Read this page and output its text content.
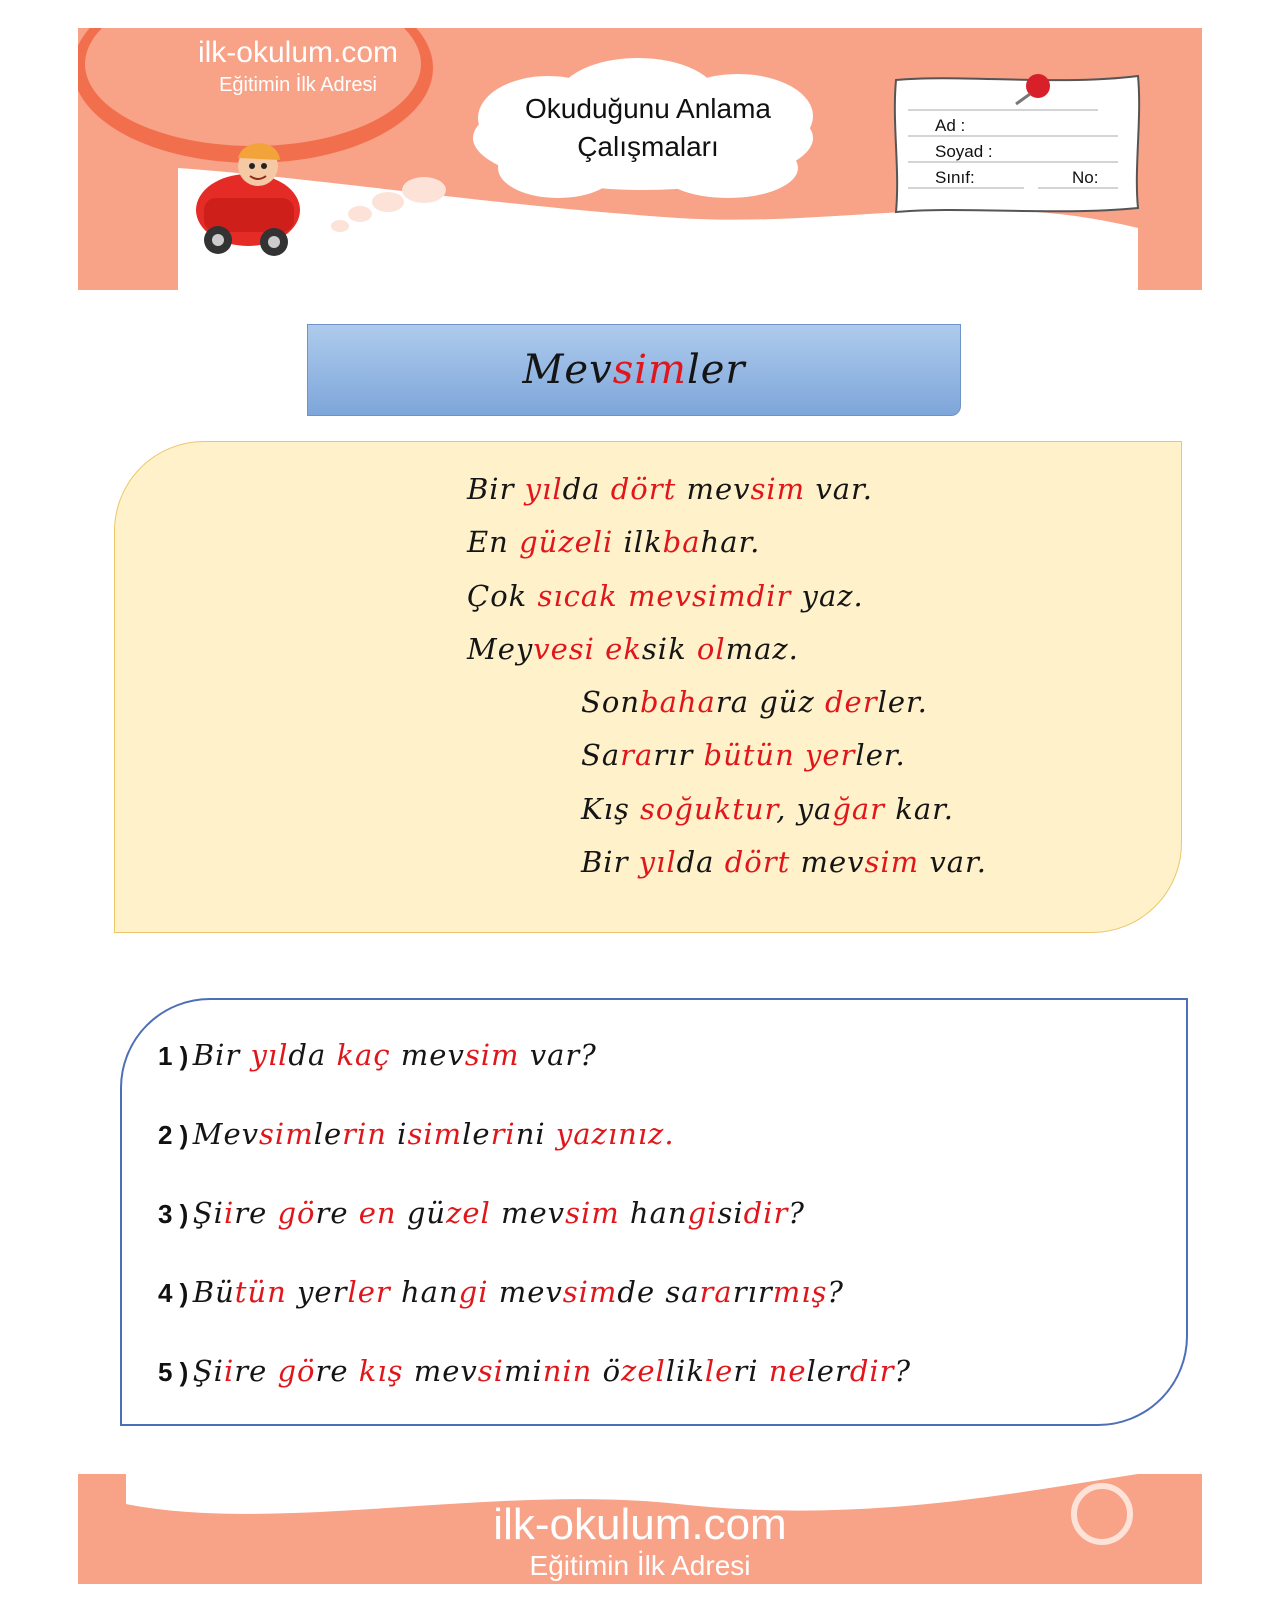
ilk-okulum.com
Eğitimin İlk Adresi
Okuduğunu Anlama
Çalışmaları
Ad :
Soyad :
Sınıf:	No:
Mevsimler
Bir yılda dört mevsim var.
En güzeli ilkbahar.
Çok sıcak mevsimdir yaz.
Meyvesi eksik olmaz.
Sonbahara güz derler.
Sararır bütün yerler.
Kış soğuktur, yağar kar.
Bir yılda dört mevsim var.
1 ) Bir yılda kaç mevsim var?
2 ) Mevsimlerin isimlerini yazınız.
3 ) Şiire göre en güzel mevsim hangisidir?
4 ) Bütün yerler hangi mevsimde sararırmış?
5 ) Şiire göre kış mevsiminin özellikleri nelerdir?
ilk-okulum.com
Eğitimin İlk Adresi
